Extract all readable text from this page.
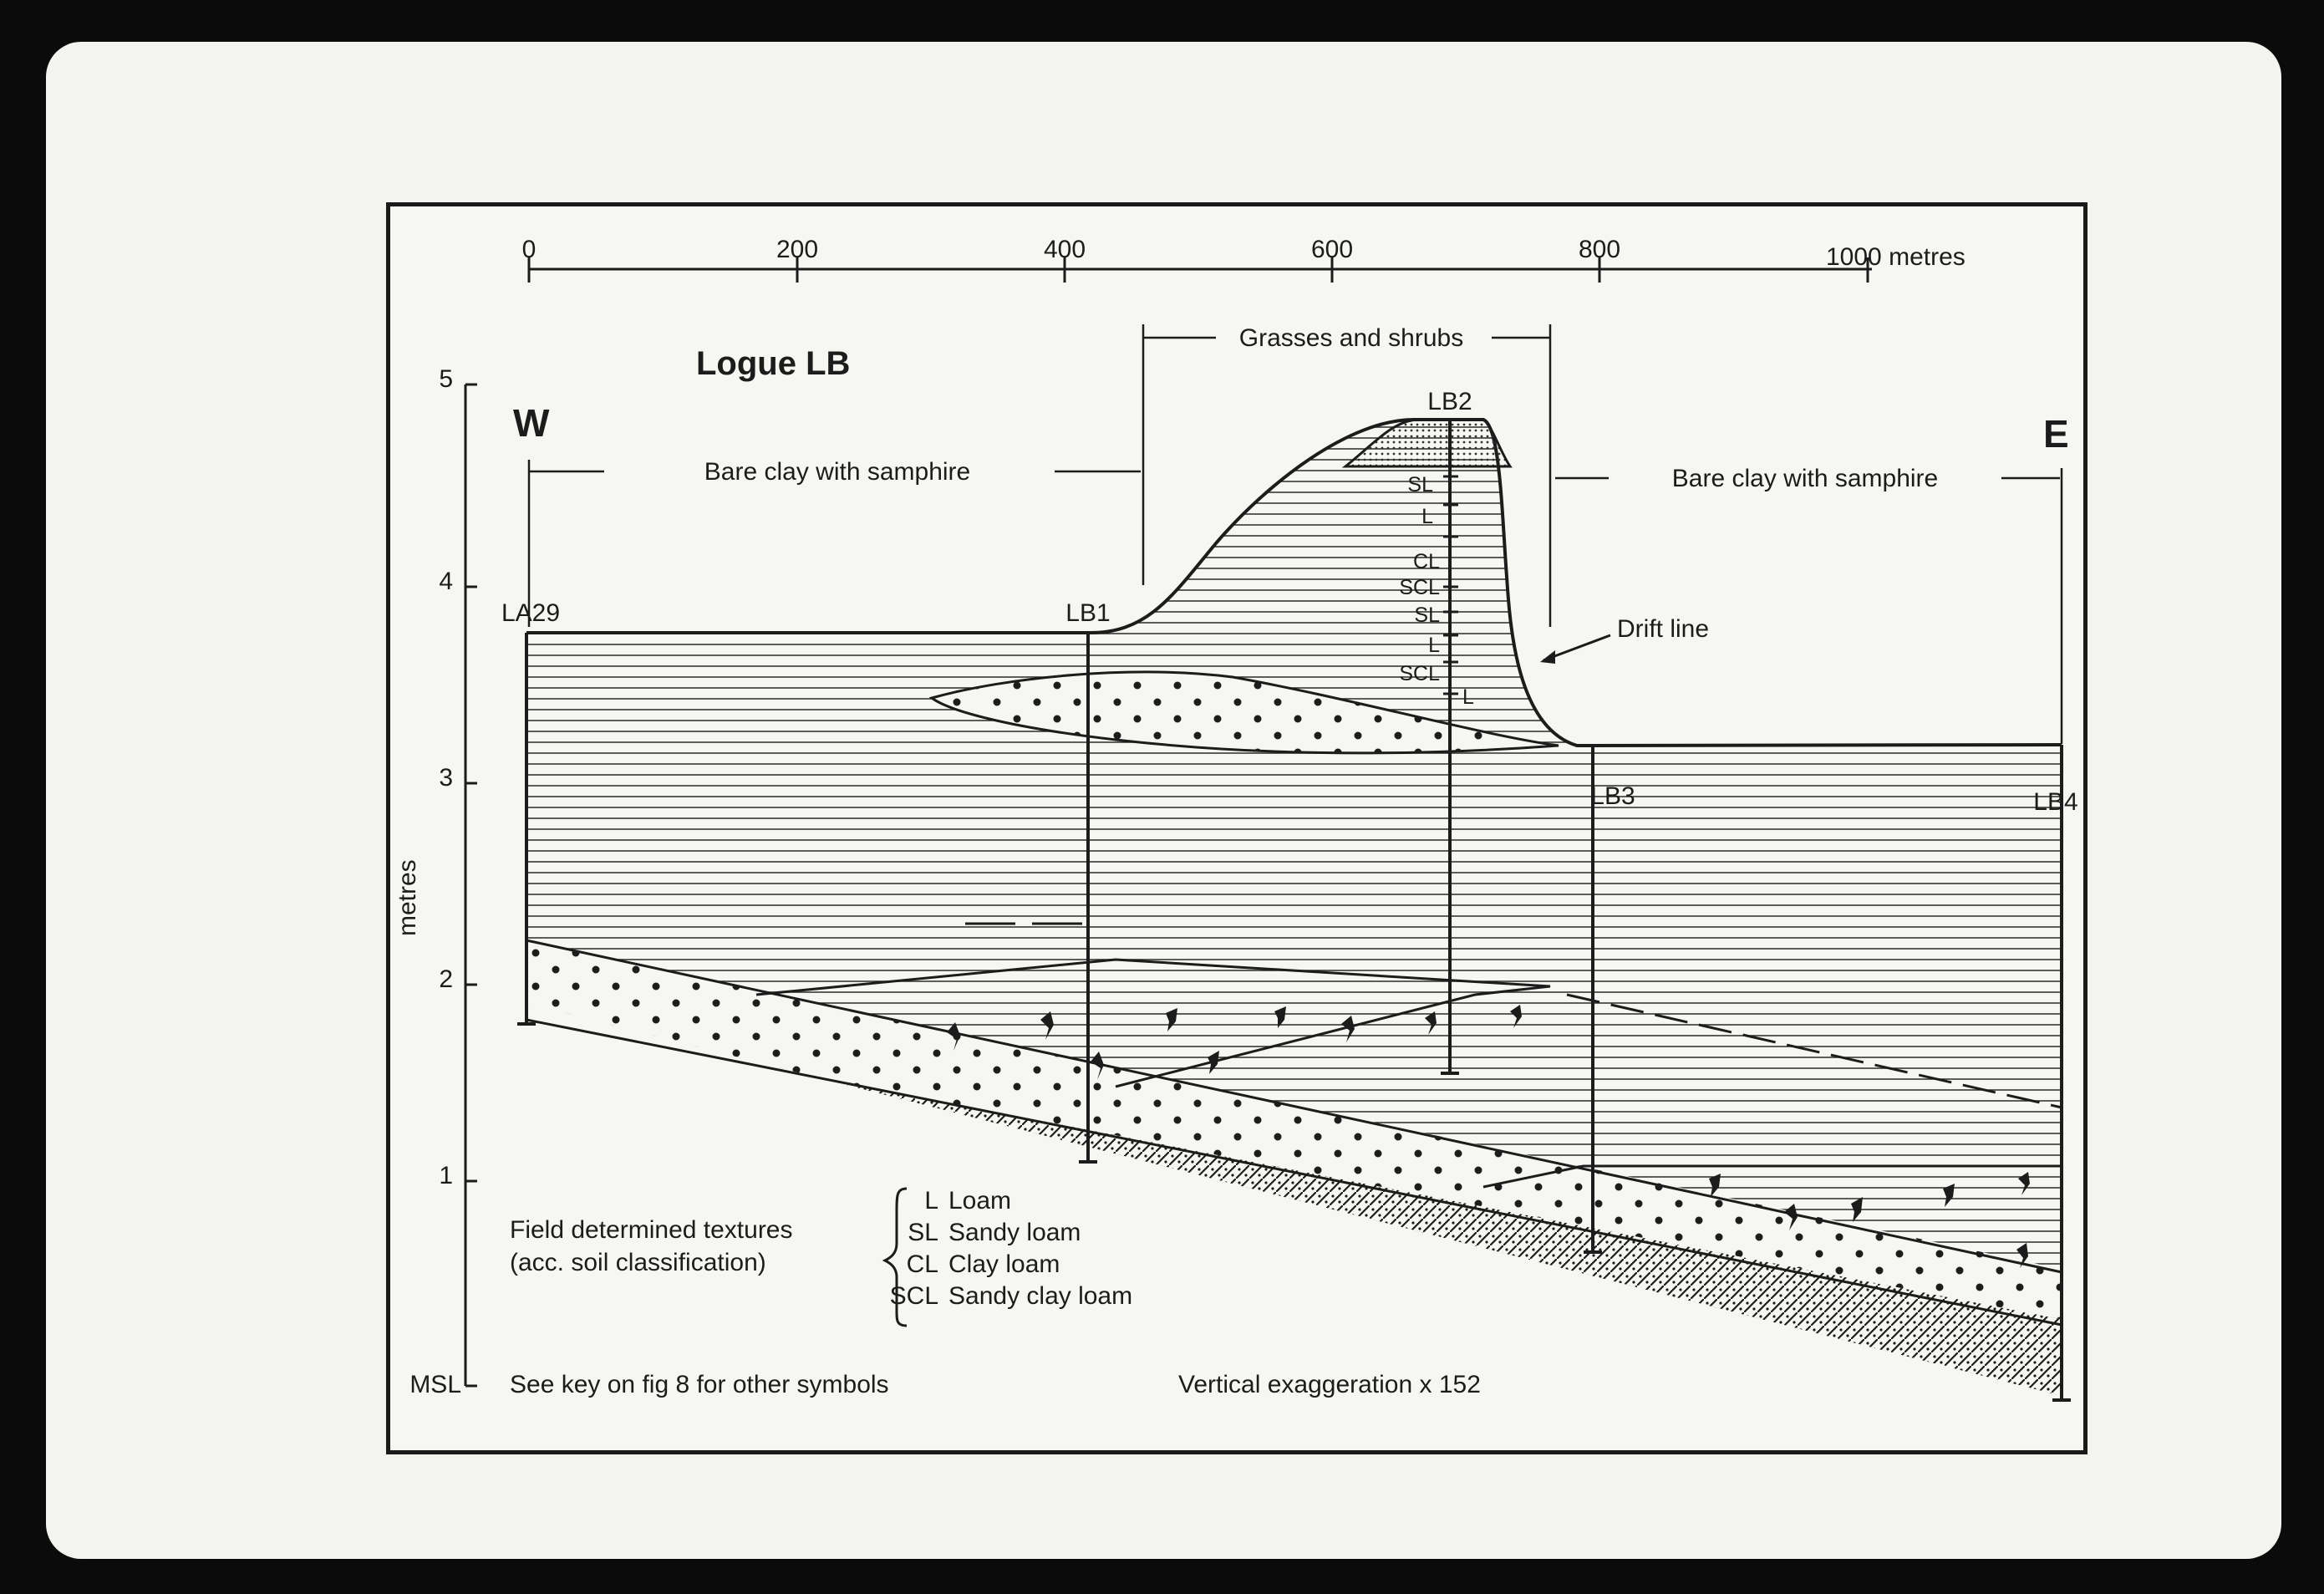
0	200	400	600	800	1000 metres
5
4
3
2
1
MSL
metres
Logue LB
W	E
Grasses and shrubs
Bare clay with samphire	Bare clay with samphire
SL
L
CL
SCL
SL
L
SCL
L
LA29	LB1
LB2
LB3	LB4
Drift line
Field determined textures
(acc. soil classification)
L Loam
SL Sandy loam
CL Clay loam
SCL Sandy clay loam
See key on fig 8 for other symbols	Vertical exaggeration x 152
